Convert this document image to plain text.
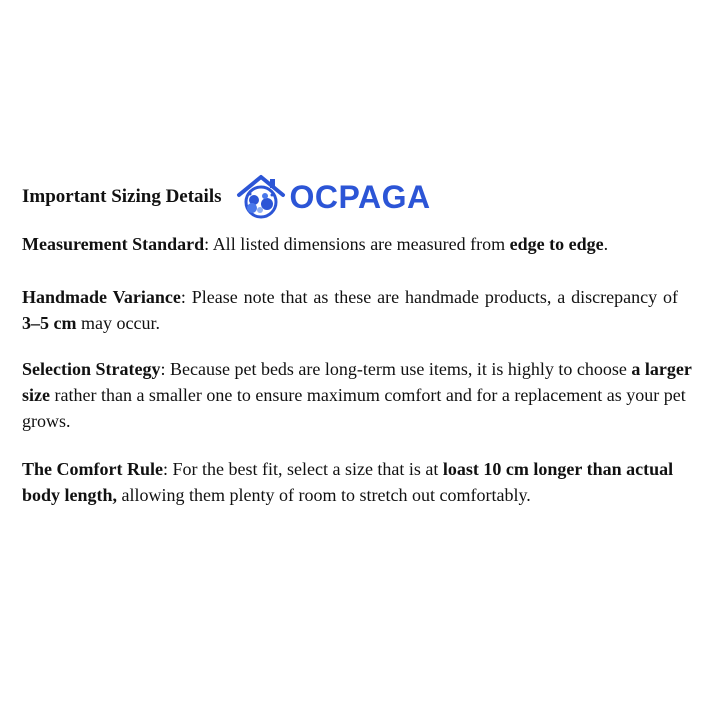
Important Sizing Details OCPAGA

Measurement Standard: All listed dimensions are measured from edge to edge.

Handmade Variance: Please note that as these are handmade products, a discrepancy of 3–5 cm may occur.

Selection Strategy: Because pet beds are long-term use items, it is highly to choose a larger size rather than a smaller one to ensure maximum comfort and for a replacement as your pet grows.

The Comfort Rule: For the best fit, select a size that is at loast 10 cm longer than actual body length, allowing them plenty of room to stretch out comfortably.
